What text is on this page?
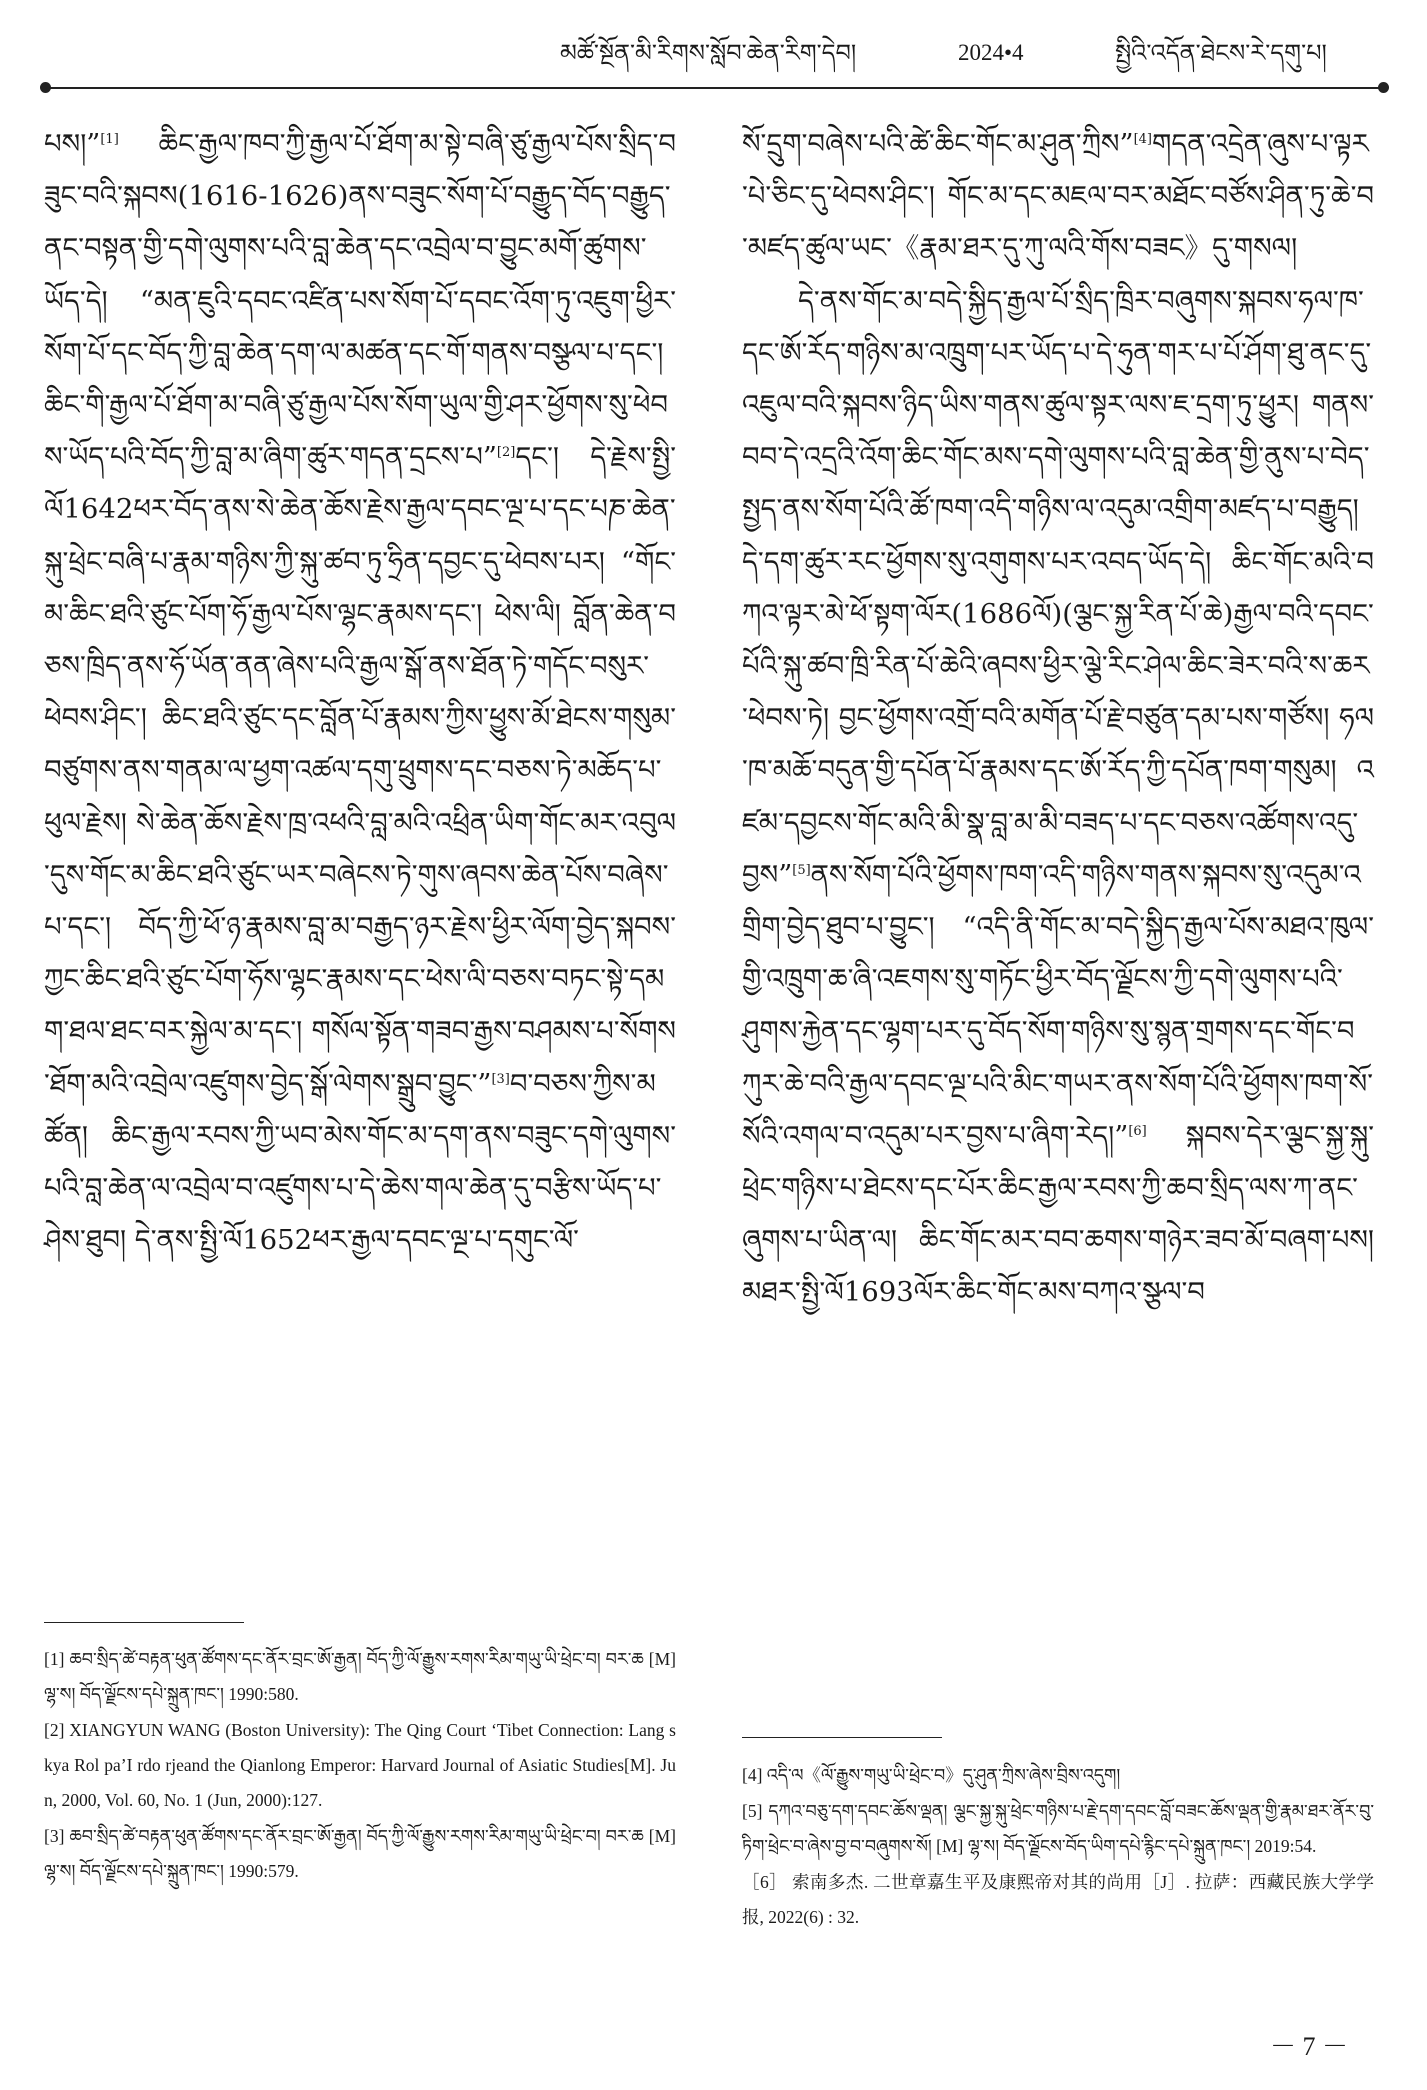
མཚོ་སྔོན་མི་རིགས་སློབ་ཆེན་རིག་དེབ།	2024•4	སྤྱིའི་འདོན་ཐེངས་རེ་དགུ་པ།

པས།”[1] ཆིང་རྒྱལ་ཁབ་ཀྱི་རྒྱལ་པོ་ཐོག་མ་སྟེ་བཞི་ཙུ་རྒྱལ་པོས་སྲིད་བཟུང་བའི་སྐབས(1616-1626)ནས་བཟུང་སོག་པོ་བརྒྱུད་བོད་བརྒྱུད་ནང་བསྟན་གྱི་དགེ་ལུགས་པའི་བླ་ཆེན་དང་འབྲེལ་བ་བྱུང་མགོ་ཚུགས་ཡོད་དེ། “མན་ཇུའི་དབང་འཛིན་པས་སོག་པོ་དབང་འོག་ཏུ་འཇུག་ཕྱིར་སོག་པོ་དང་བོད་ཀྱི་བླ་ཆེན་དག་ལ་མཚན་དང་གོ་གནས་བསྩལ་པ་དང་། ཆིང་གི་རྒྱལ་པོ་ཐོག་མ་བཞི་ཙུ་རྒྱལ་པོས་སོག་ཡུལ་གྱི་ཤར་ཕྱོགས་སུ་ཕེབས་ཡོད་པའི་བོད་ཀྱི་བླ་མ་ཞིག་ཚུར་གདན་དྲངས་པ”[2]དང་། དེ་རྗེས་སྤྱི་ལོ1642ཕར་བོད་ནས་སེ་ཆེན་ཆོས་རྗེས་རྒྱལ་དབང་ལྔ་པ་དང་པཎ་ཆེན་སྐུ་ཕྲེང་བཞི་པ་རྣམ་གཉིས་ཀྱི་སྐུ་ཚབ་ཏུ་ཧྲིན་དབྱང་དུ་ཕེབས་པར། “གོང་མ་ཆིང་ཐའི་ཙུང་པོག་ཧོ་རྒྱལ་པོས་ལྷང་རྣམས་དང་། ཕེས་ལི། བློན་ཆེན་བཅས་ཁྲིད་ནས་ཧོ་ཡོན་ནན་ཞེས་པའི་རྒྱལ་སྒོ་ནས་ཐོན་ཏེ་གདོང་བསུར་ཕེབས་ཤིང་། ཆིང་ཐའི་ཙུང་དང་བློན་པོ་རྣམས་ཀྱིས་ཕྱུས་མོ་ཐེངས་གསུམ་བཙུགས་ནས་གནམ་ལ་ཕྱག་འཚལ་དགུ་ཕྲུགས་དང་བཅས་ཏེ་མཆོད་པ་ཕུལ་རྗེས། སེ་ཆེན་ཆོས་རྗེས་ཁྲ་འཕའི་བླ་མའི་འཕྲིན་ཡིག་གོང་མར་འབུལ་དུས་གོང་མ་ཆིང་ཐའི་ཙུང་ཡར་བཞེངས་ཏེ་གུས་ཞབས་ཆེན་པོས་བཞེས་པ་དང་། བོད་ཀྱི་ཕོ་ཉ་རྣམས་བླ་མ་བརྒྱད་ཉར་རྗེས་ཕྱིར་ལོག་བྱེད་སྐབས་ཀྱང་ཆིང་ཐའི་ཙུང་པོག་ཧོས་ལྷང་རྣམས་དང་ཕེས་ལི་བཅས་བཏང་སྟེ་དམག་ཐལ་ཐང་བར་སྐྱེལ་མ་དང་། གསོལ་སྟོན་གཟབ་རྒྱས་བཤམས་པ་སོགས་ཐོག་མའི་འབྲེལ་འཛུགས་བྱེད་སྒོ་ལེགས་སྒྲུབ་བྱུང་”[3]བ་བཅས་ཀྱིས་མཚོན། ཆིང་རྒྱལ་རབས་ཀྱི་ཡབ་མེས་གོང་མ་དག་ནས་བཟུང་དགེ་ལུགས་པའི་བླ་ཆེན་ལ་འབྲེལ་བ་འཛུགས་པ་དེ་ཆེས་གལ་ཆེན་དུ་བརྩིས་ཡོད་པ་ཤེས་ཐུབ། དེ་ནས་སྤྱི་ལོ1652ཕར་རྒྱལ་དབང་ལྔ་པ་དགུང་ལོ་

སོ་དྲུག་བཞེས་པའི་ཚེ་ཆིང་གོང་མ་ཤུན་ཀྲིས”[4]གདན་འདྲེན་ཞུས་པ་ལྟར་པེ་ཅིང་དུ་ཕེབས་ཤིང་། གོང་མ་དང་མཇལ་བར་མཐོང་བཙོས་ཤིན་ཏུ་ཆེ་བ་མཛད་ཚུལ་ཡང་《རྣམ་ཐར་དུ་ཀུ་ལའི་གོས་བཟང》དུ་གསལ།

དེ་ནས་གོང་མ་བདེ་སྐྱིད་རྒྱལ་པོ་སྲིད་ཁྲིར་བཞུགས་སྐབས་ཧལ་ཁ་དང་ཨོ་རོད་གཉིས་མ་འཁྲུག་པར་ཡོད་པ་དེ་ཧུན་གར་པ་པོ་ཤོག་ཐུ་ནང་དུ་འཇུལ་བའི་སྐབས་ཉིད་ཡིས་གནས་ཚུལ་སྟར་ལས་ཇ་དྲག་ཏུ་ཕྱུར། གནས་བབ་དེ་འདྲའི་འོག་ཆིང་གོང་མས་དགེ་ལུགས་པའི་བླ་ཆེན་གྱི་ནུས་པ་བེད་སྤྱད་ནས་སོག་པོའི་ཚོ་ཁག་འདི་གཉིས་ལ་འདུམ་འགྲིག་མཛད་པ་བརྒྱུད། དེ་དག་ཚུར་རང་ཕྱོགས་སུ་འགུགས་པར་འབད་ཡོད་དེ། ཆིང་གོང་མའི་བཀའ་ལྟར་མེ་ཕོ་སྟག་ལོར(1686ལོ)(ལྕང་སྐྱ་རིན་པོ་ཆེ)རྒྱལ་བའི་དབང་པོའི་སྐུ་ཚབ་ཁྲི་རིན་པོ་ཆེའི་ཞབས་ཕྱིར་ལྕེ་རིང་ཤེལ་ཆིང་ཟེར་བའི་ས་ཆར་ཕེབས་ཏེ། བྱང་ཕྱོགས་འགྲོ་བའི་མགོན་པོ་རྗེ་བཙུན་དམ་པས་གཙོས། ཧལ་ཁ་མཆོ་བདུན་གྱི་དཔོན་པོ་རྣམས་དང་ཨོ་རོད་ཀྱི་དཔོན་ཁག་གསུམ། འཛམ་དབྱངས་གོང་མའི་མི་སྣ་བླ་མ་མི་བཟད་པ་དང་བཅས་འཚོགས་འདུ་བྱས”[5]ནས་སོག་པོའི་ཕྱོགས་ཁག་འདི་གཉིས་གནས་སྐབས་སུ་འདུམ་འགྲིག་བྱེད་ཐུབ་པ་བྱུང་། “འདི་ནི་གོང་མ་བདེ་སྐྱིད་རྒྱལ་པོས་མཐའ་ཁུལ་གྱི་འཁྲུག་ཆ་ཞི་འཇགས་སུ་གཏོང་ཕྱིར་བོད་ལྗོངས་ཀྱི་དགེ་ལུགས་པའི་ཤུགས་རྐྱེན་དང་ལྷག་པར་དུ་བོད་སོག་གཉིས་སུ་སྙན་གྲགས་དང་གོང་བཀུར་ཆེ་བའི་རྒྱལ་དབང་ལྔ་པའི་མིང་གཡར་ནས་སོག་པོའི་ཕྱོགས་ཁག་སོ་སོའི་འགལ་བ་འདུམ་པར་བྱས་པ་ཞིག་རེད།”[6] སྐབས་དེར་ལྕང་སྐྱ་སྐུ་ཕྲེང་གཉིས་པ་ཐེངས་དང་པོར་ཆིང་རྒྱལ་རབས་ཀྱི་ཆབ་སྲིད་ལས་ཀ་ནང་ཞུགས་པ་ཡིན་ལ། ཆིང་གོང་མར་བབ་ཆགས་གཉེར་ཟབ་མོ་བཞག་པས། མཐར་སྤྱི་ལོ1693ལོར་ཆིང་གོང་མས་བཀའ་སྩལ་བ

[1] ཆབ་སྲིད་ཚེ་བརྟན་ཕུན་ཚོགས་དང་ནོར་བྲང་ཨོ་རྒྱན། བོད་ཀྱི་ལོ་རྒྱུས་རགས་རིམ་གཡུ་ཡི་ཕྲེང་བ། བར་ཆ [M] ལྷ་ས། བོད་ལྗོངས་དཔེ་སྐྲུན་ཁང་། 1990:580.

[2] XIANGYUN WANG (Boston University): The Qing Court ‘Tibet Connection: Lang skya Rol pa’I rdo rjeand the Qianlong Emperor: Harvard Journal of Asiatic Studies[M]. Jun, 2000, Vol. 60, No. 1 (Jun, 2000):127.

[3] ཆབ་སྲིད་ཚེ་བརྟན་ཕུན་ཚོགས་དང་ནོར་བྲང་ཨོ་རྒྱན། བོད་ཀྱི་ལོ་རྒྱུས་རགས་རིམ་གཡུ་ཡི་ཕྲེང་བ། བར་ཆ [M] ལྷ་ས། བོད་ལྗོངས་དཔེ་སྐྲུན་ཁང་། 1990:579.

[4] འདི་ལ《ལོ་རྒྱུས་གཡུ་ཡི་ཕྲེང་བ》དུ་ཤུན་ཀྲིས་ཞེས་བྲིས་འདུག།

[5] དཀའ་བཅུ་དག་དབང་ཆོས་ལྡན། ལྕང་སྐྱ་སྐུ་ཕྲེང་གཉིས་པ་རྗེ་དག་དབང་བློ་བཟང་ཆོས་ལྡན་གྱི་རྣམ་ཐར་ནོར་བུ་ཏིག་ཕྲེང་བ་ཞེས་བྱ་བ་བཞུགས་སོ། [M] ལྷ་ས། བོད་ལྗོངས་བོད་ཡིག་དཔེ་རྙིང་དཔེ་སྐྲུན་ཁང་། 2019:54.

［6］ 索南多杰. 二世章嘉生平及康熙帝对其的尚用［J］. 拉萨：西藏民族大学学报, 2022(6) : 32.

－ 7 －
